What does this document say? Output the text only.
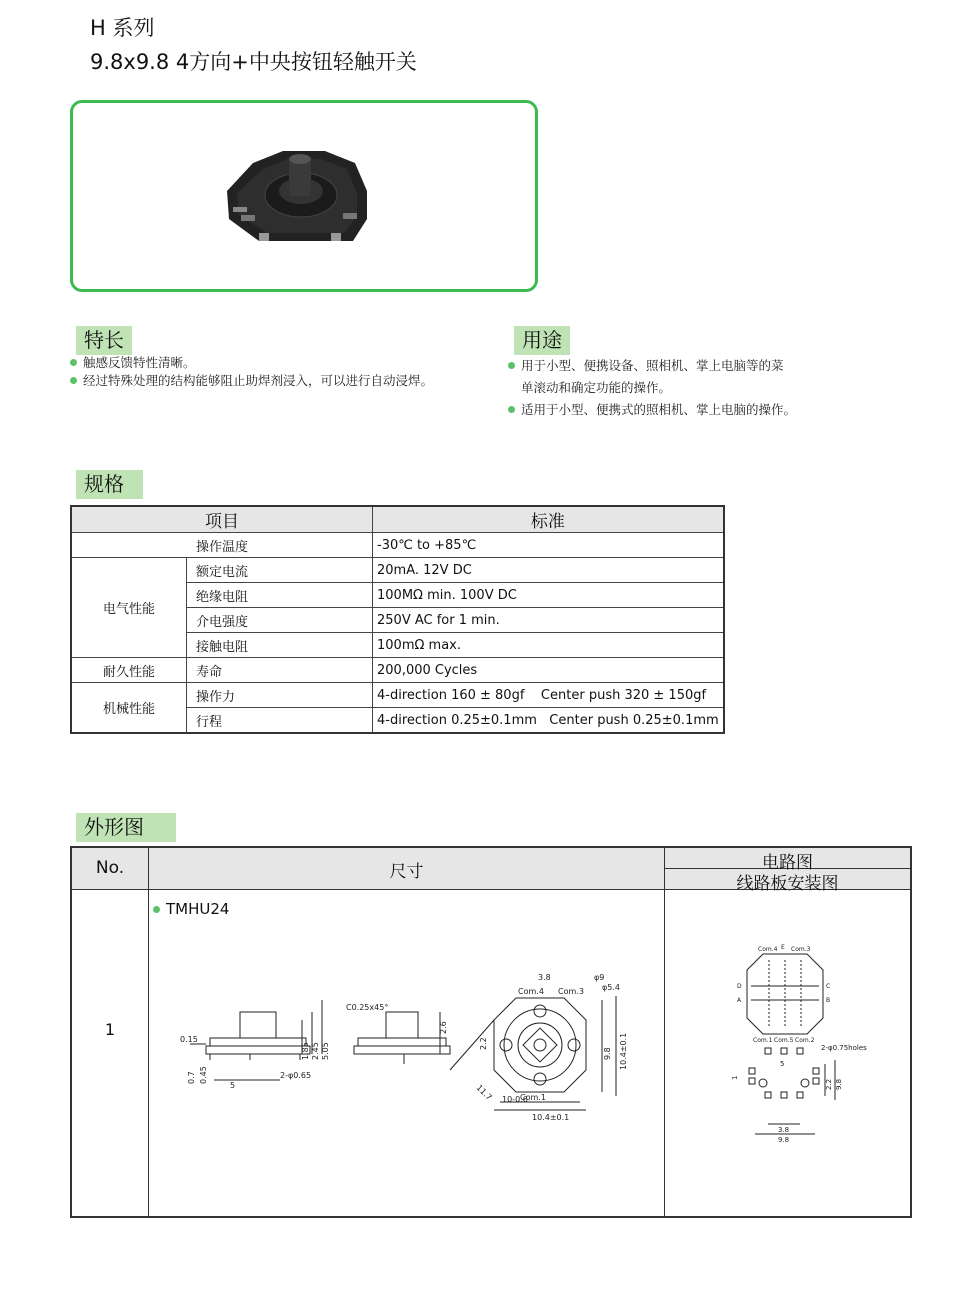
H 系列
9.8x9.8 4方向+中央按钮轻触开关
特长
触感反馈特性清晰。
经过特殊处理的结构能够阻止助焊剂浸入，可以进行自动浸焊。
用途
用于小型、便携设备、照相机、掌上电脑等的菜
单滚动和确定功能的操作。
适用于小型、便携式的照相机、掌上电脑的操作。
规格
项目		标准
操作温度		-30℃ to +85℃
电气性能	额定电流	20mA. 12V DC
	绝缘电阻	100MΩ min. 100V DC
	介电强度	250V AC for 1 min.
	接触电阻	100mΩ max.
耐久性能	寿命	200,000 Cycles
机械性能	操作力	4-direction 160 ± 80gf    Center push 320 ± 150gf
	行程	4-direction 0.25±0.1mm   Center push 0.25±0.1mm
外形图
No.	尺寸	电路图
线路板安装图
1
TMHU24
0.15
5
2-φ0.65
C0.25x45°
3.8	φ9
φ5.4
10-0.6
10.4±0.1
Com.4 Com.3
Com.1
0.7 0.45
1.85 2.45 5.05
2.6
2.2
9.8 10.4±0.1
11.7
Com.4 E Com.3
D
A
C
B
Com.1 Com.5 Com.2
2-φ0.75holes
5
3.8
9.8
2.2 9.8
1
